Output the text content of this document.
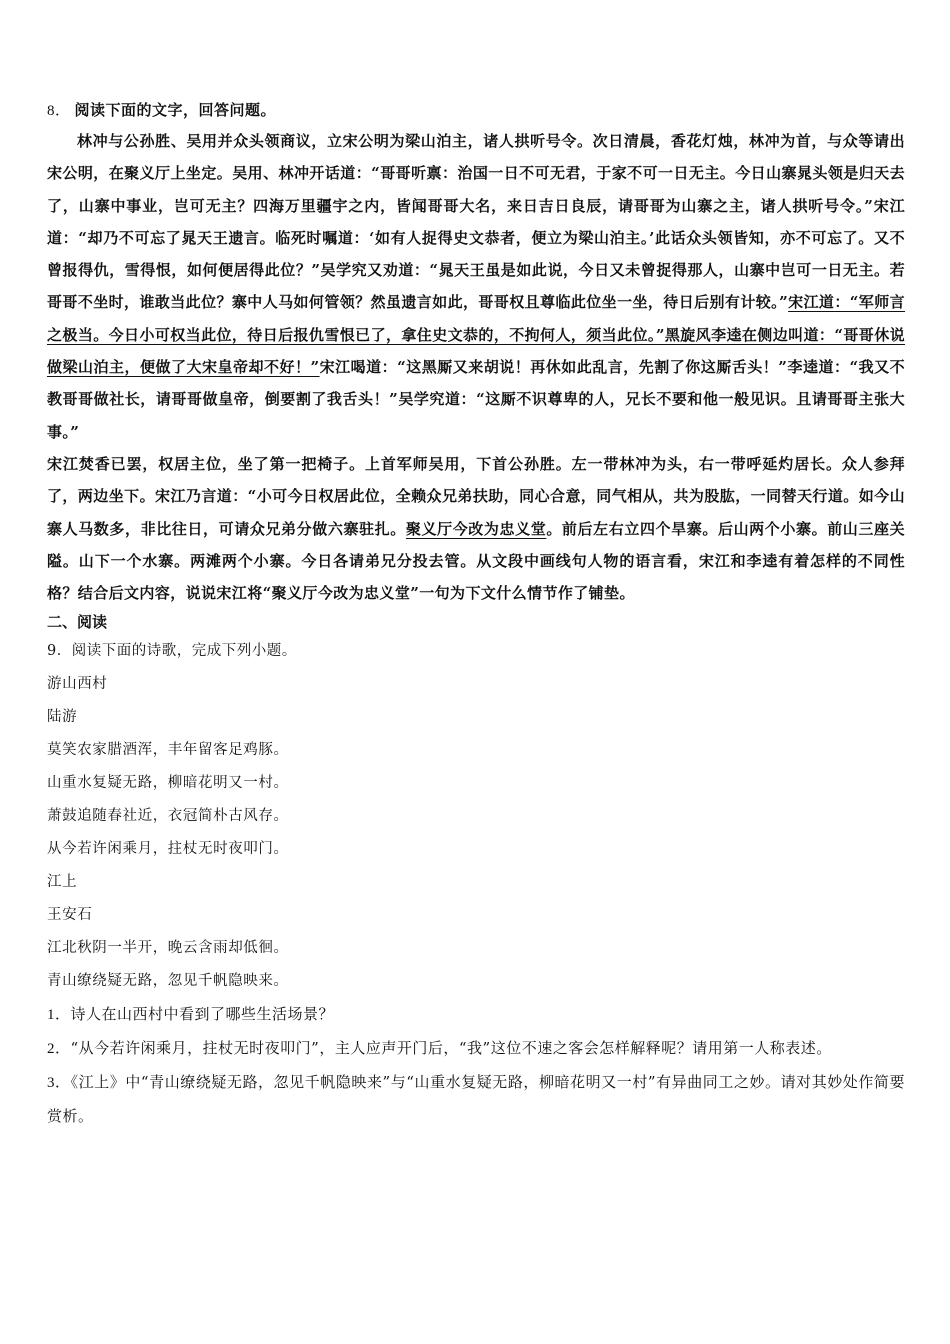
8． 阅读下面的文字，回答问题。

林冲与公孙胜、吴用并众头领商议，立宋公明为梁山泊主，诸人拱听号令。次日清晨，香花灯烛，林冲为首，与众等请出宋公明，在聚义厅上坐定。吴用、林冲开话道：“哥哥听禀：治国一日不可无君，于家不可一日无主。今日山寨晁头领是归天去了，山寨中事业，岂可无主？四海万里疆宇之内，皆闻哥哥大名，来日吉日良辰，请哥哥为山寨之主，诸人拱听号令。”宋江道：“却乃不可忘了晁天王遗言。临死时嘱道：‘如有人捉得史文恭者，便立为梁山泊主。’此话众头领皆知，亦不可忘了。又不曾报得仇，雪得恨，如何便居得此位？”吴学究又劝道：“晁天王虽是如此说，今日又未曾捉得那人，山寨中岂可一日无主。若哥哥不坐时，谁敢当此位？寨中人马如何管领？然虽遗言如此，哥哥权且尊临此位坐一坐，待日后别有计较。”宋江道：“军师言之极当。今日小可权当此位，待日后报仇雪恨已了，拿住史文恭的，不拘何人，须当此位。”黑旋风李逵在侧边叫道：“哥哥休说做梁山泊主，便做了大宋皇帝却不好！”宋江喝道：“这黑厮又来胡说！再休如此乱言，先割了你这厮舌头！”李逵道：“我又不教哥哥做社长，请哥哥做皇帝，倒要割了我舌头！”吴学究道：“这厮不识尊卑的人，兄长不要和他一般见识。且请哥哥主张大事。”

宋江焚香已罢，权居主位，坐了第一把椅子。上首军师吴用，下首公孙胜。左一带林冲为头，右一带呼延灼居长。众人参拜了，两边坐下。宋江乃言道：“小可今日权居此位，全赖众兄弟扶助，同心合意，同气相从，共为股肱，一同替天行道。如今山寨人马数多，非比往日，可请众兄弟分做六寨驻扎。聚义厅今改为忠义堂。前后左右立四个旱寨。后山两个小寨。前山三座关隘。山下一个水寨。两滩两个小寨。今日各请弟兄分投去管。从文段中画线句人物的语言看，宋江和李逵有着怎样的不同性格？结合后文内容，说说宋江将“聚义厅今改为忠义堂”一句为下文什么情节作了铺垫。

二、阅读
9．阅读下面的诗歌，完成下列小题。
游山西村
陆游
莫笑农家腊酒浑，丰年留客足鸡豚。
山重水复疑无路，柳暗花明又一村。
萧鼓追随春社近，衣冠简朴古风存。
从今若许闲乘月，拄杖无时夜叩门。
江上
王安石
江北秋阴一半开，晚云含雨却低徊。
青山缭绕疑无路，忽见千帆隐映来。
1．诗人在山西村中看到了哪些生活场景？
2．“从今若许闲乘月，拄杖无时夜叩门”，主人应声开门后，“我”这位不速之客会怎样解释呢？请用第一人称表述。
3．《江上》中“青山缭绕疑无路，忽见千帆隐映来”与“山重水复疑无路，柳暗花明又一村”有异曲同工之妙。请对其妙处作简要赏析。
